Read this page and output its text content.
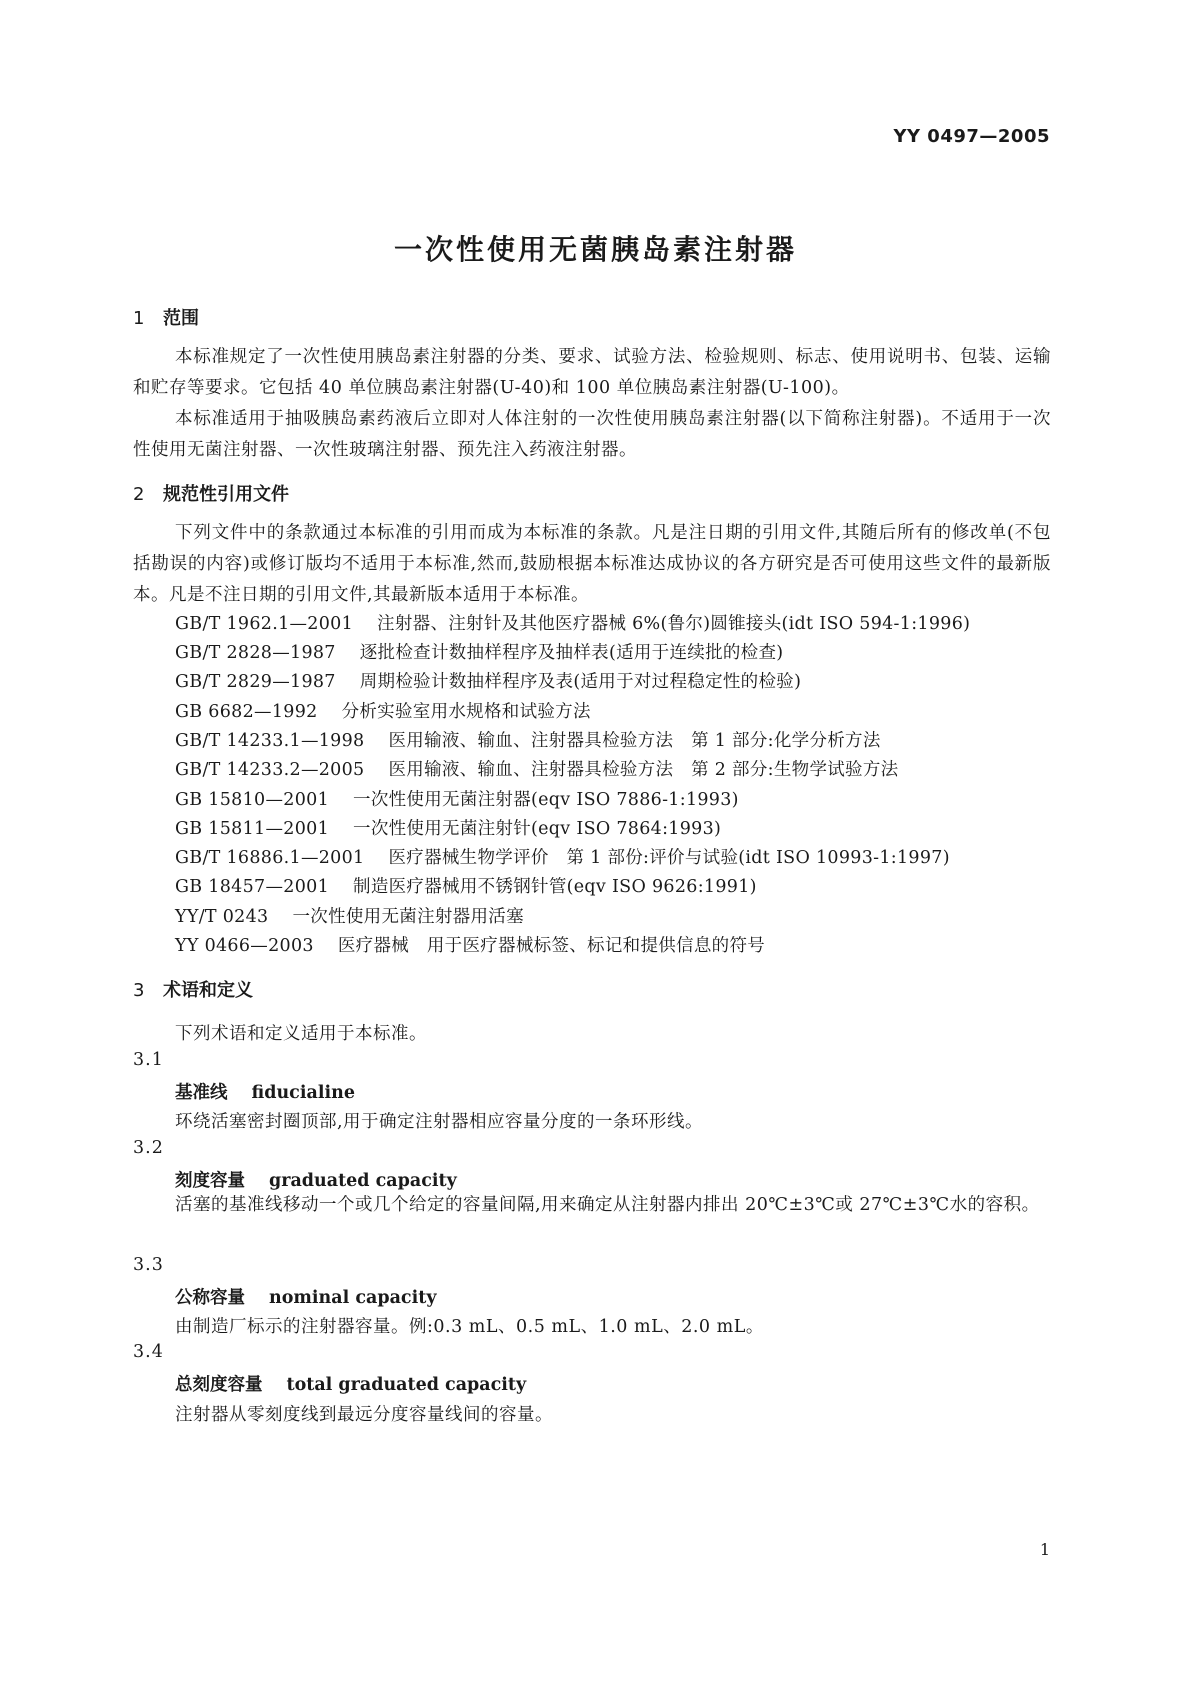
YY 0497—2005
一次性使用无菌胰岛素注射器
1 范围
本标准规定了一次性使用胰岛素注射器的分类、要求、试验方法、检验规则、标志、使用说明书、包装、运输和贮存等要求。它包括 40 单位胰岛素注射器(U-40)和 100 单位胰岛素注射器(U-100)。
本标准适用于抽吸胰岛素药液后立即对人体注射的一次性使用胰岛素注射器(以下简称注射器)。不适用于一次性使用无菌注射器、一次性玻璃注射器、预先注入药液注射器。
2 规范性引用文件
下列文件中的条款通过本标准的引用而成为本标准的条款。凡是注日期的引用文件,其随后所有的修改单(不包括勘误的内容)或修订版均不适用于本标准,然而,鼓励根据本标准达成协议的各方研究是否可使用这些文件的最新版本。凡是不注日期的引用文件,其最新版本适用于本标准。
GB/T 1962.1—2001 注射器、注射针及其他医疗器械 6%(鲁尔)圆锥接头(idt ISO 594-1:1996)
GB/T 2828—1987 逐批检查计数抽样程序及抽样表(适用于连续批的检查)
GB/T 2829—1987 周期检验计数抽样程序及表(适用于对过程稳定性的检验)
GB 6682—1992 分析实验室用水规格和试验方法
GB/T 14233.1—1998 医用输液、输血、注射器具检验方法　第 1 部分:化学分析方法
GB/T 14233.2—2005 医用输液、输血、注射器具检验方法　第 2 部分:生物学试验方法
GB 15810—2001 一次性使用无菌注射器(eqv ISO 7886-1:1993)
GB 15811—2001 一次性使用无菌注射针(eqv ISO 7864:1993)
GB/T 16886.1—2001 医疗器械生物学评价　第 1 部份:评价与试验(idt ISO 10993-1:1997)
GB 18457—2001 制造医疗器械用不锈钢针管(eqv ISO 9626:1991)
YY/T 0243 一次性使用无菌注射器用活塞
YY 0466—2003 医疗器械　用于医疗器械标签、标记和提供信息的符号
3 术语和定义
下列术语和定义适用于本标准。
3.1
基准线 fiducialine
环绕活塞密封圈顶部,用于确定注射器相应容量分度的一条环形线。
3.2
刻度容量 graduated capacity
活塞的基准线移动一个或几个给定的容量间隔,用来确定从注射器内排出 20℃±3℃或 27℃±3℃水的容积。
3.3
公称容量 nominal capacity
由制造厂标示的注射器容量。例:0.3 mL、0.5 mL、1.0 mL、2.0 mL。
3.4
总刻度容量 total graduated capacity
注射器从零刻度线到最远分度容量线间的容量。
1
